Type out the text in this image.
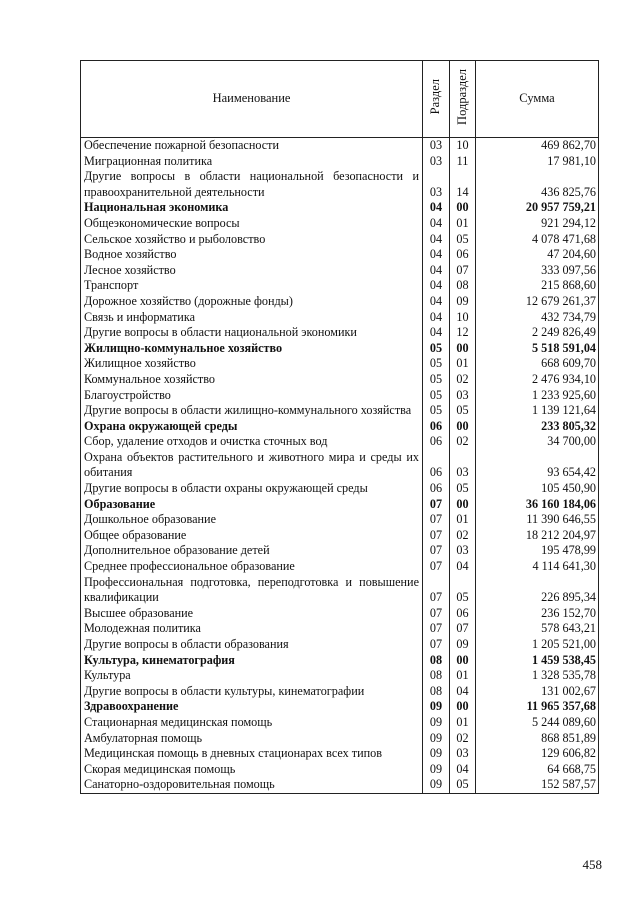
Наименование	Раздел	Подраздел	Сумма
Обеспечение пожарной безопасности	03	10	469 862,70
Миграционная политика	03	11	17 981,10
Другие вопросы в области национальной безопасности и правоохранительной деятельности	03	14	436 825,76
Национальная экономика	04	00	20 957 759,21
Общеэкономические вопросы	04	01	921 294,12
Сельское хозяйство и рыболовство	04	05	4 078 471,68
Водное хозяйство	04	06	47 204,60
Лесное хозяйство	04	07	333 097,56
Транспорт	04	08	215 868,60
Дорожное хозяйство (дорожные фонды)	04	09	12 679 261,37
Связь и информатика	04	10	432 734,79
Другие вопросы в области национальной экономики	04	12	2 249 826,49
Жилищно-коммунальное хозяйство	05	00	5 518 591,04
Жилищное хозяйство	05	01	668 609,70
Коммунальное хозяйство	05	02	2 476 934,10
Благоустройство	05	03	1 233 925,60
Другие вопросы в области жилищно-коммунального хозяйства	05	05	1 139 121,64
Охрана окружающей среды	06	00	233 805,32
Сбор, удаление отходов и очистка сточных вод	06	02	34 700,00
Охрана объектов растительного и животного мира и среды их обитания	06	03	93 654,42
Другие вопросы в области охраны окружающей среды	06	05	105 450,90
Образование	07	00	36 160 184,06
Дошкольное образование	07	01	11 390 646,55
Общее образование	07	02	18 212 204,97
Дополнительное образование детей	07	03	195 478,99
Среднее профессиональное образование	07	04	4 114 641,30
Профессиональная подготовка, переподготовка и повышение квалификации	07	05	226 895,34
Высшее образование	07	06	236 152,70
Молодежная политика	07	07	578 643,21
Другие вопросы в области образования	07	09	1 205 521,00
Культура, кинематография	08	00	1 459 538,45
Культура	08	01	1 328 535,78
Другие вопросы в области культуры, кинематографии	08	04	131 002,67
Здравоохранение	09	00	11 965 357,68
Стационарная медицинская помощь	09	01	5 244 089,60
Амбулаторная помощь	09	02	868 851,89
Медицинская помощь в дневных стационарах всех типов	09	03	129 606,82
Скорая медицинская помощь	09	04	64 668,75
Санаторно-оздоровительная помощь	09	05	152 587,57
458
